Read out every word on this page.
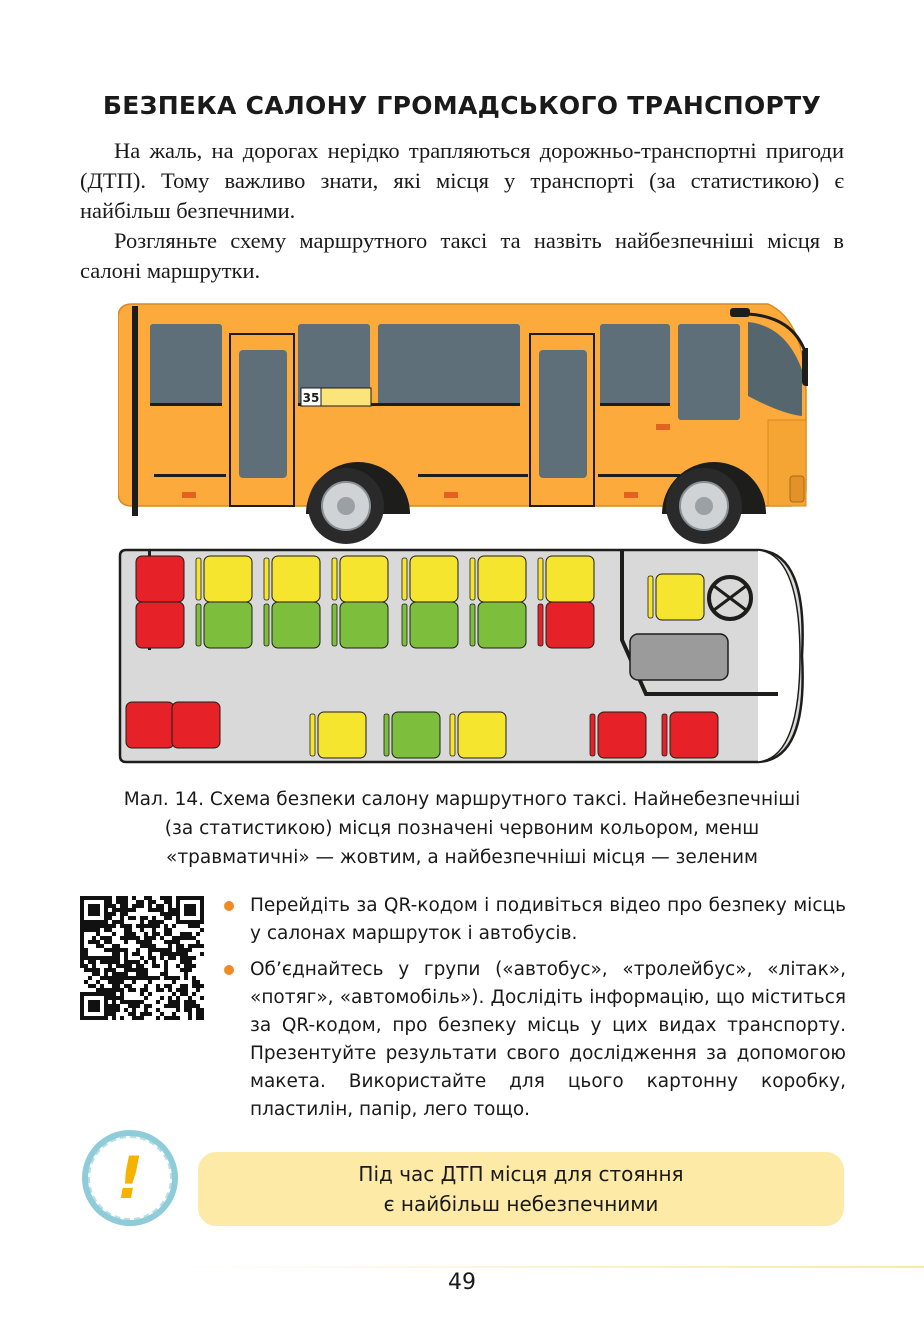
БЕЗПЕКА САЛОНУ ГРОМАДСЬКОГО ТРАНСПОРТУ

На жаль, на дорогах нерідко трапляються дорожньо-транспортні пригоди (ДТП). Тому важливо знати, які місця у транспорті (за статистикою) є найбільш безпечними.

Розгляньте схему маршрутного таксі та назвіть найбезпечніші місця в салоні маршрутки.

35
Мал. 14. Схема безпеки салону маршрутного таксі. Найнебезпечніші
(за статистикою) місця позначені червоним кольором, менш
«травматичні» — жовтим, а найбезпечніші місця — зеленим
Перейдіть за QR-кодом і подивіться відео про безпеку місць у салонах маршруток і автобусів.
Об’єднайтесь у групи («автобус», «тролейбус», «літак», «потяг», «автомобіль»). Дослідіть інформацію, що міститься за QR-кодом, про безпеку місць у цих видах транспорту. Презентуйте результати свого дослідження за допомогою макета. Використайте для цього картонну коробку, пластилін, папір, лего тощо.
!	Під час ДТП місця для стояння
є найбільш небезпечними
49
